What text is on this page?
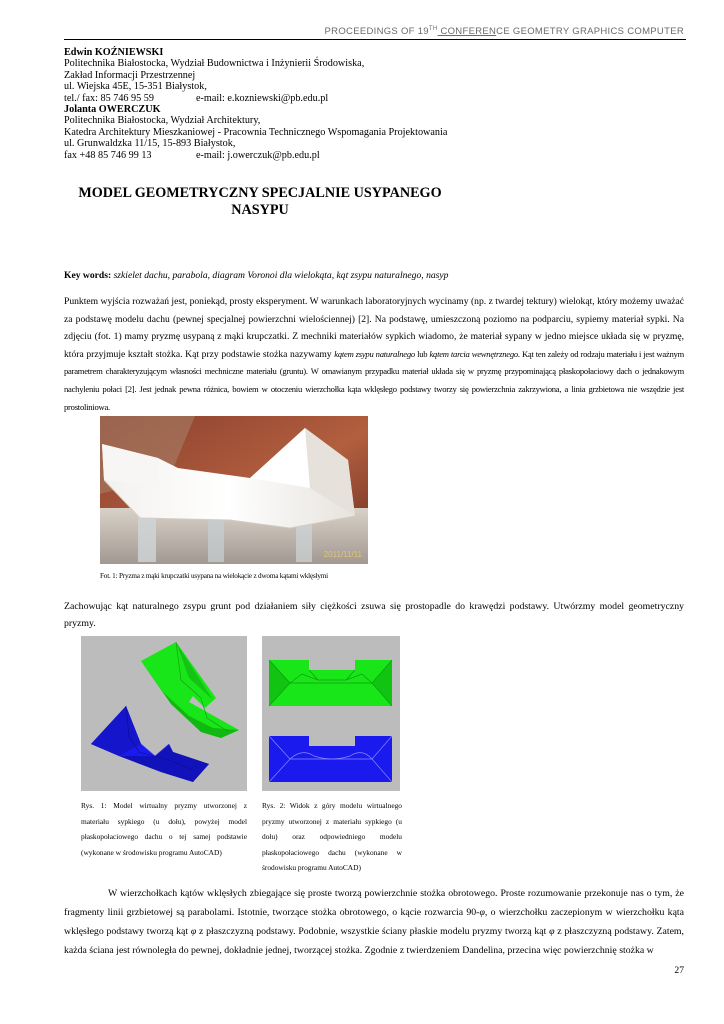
PROCEEDINGS OF 19TH CONFERENCE GEOMETRY GRAPHICS COMPUTER
Edwin KOŹNIEWSKI
Politechnika Białostocka, Wydział Budownictwa i Inżynierii Środowiska,
Zakład Informacji Przestrzennej
ul. Wiejska 45E, 15-351 Białystok,
tel./ fax: 85 746 95 59	e-mail: e.kozniewski@pb.edu.pl
Jolanta OWERCZUK
Politechnika Białostocka, Wydział Architektury,
Katedra Architektury Mieszkaniowej - Pracownia Technicznego Wspomagania Projektowania
ul. Grunwaldzka 11/15, 15-893 Białystok,
fax +48 85 746 99 13	e-mail: j.owerczuk@pb.edu.pl
MODEL GEOMETRYCZNY SPECJALNIE USYPANEGO
NASYPU
Key words: szkielet dachu, parabola, diagram Voronoi dla wielokąta, kąt zsypu naturalnego, nasyp
Punktem wyjścia rozważań jest, poniekąd, prosty eksperyment. W warunkach laboratoryjnych wycinamy (np. z twardej tektury) wielokąt, który możemy uważać za podstawę modelu dachu (pewnej specjalnej powierzchni wielościennej) [2]. Na podstawę, umieszczoną poziomo na podparciu, sypiemy materiał sypki. Na zdjęciu (fot. 1) mamy pryzmę usypaną z mąki krupczatki. Z mechniki materiałów sypkich wiadomo, że materiał sypany w jedno miejsce układa się w pryzmę, która przyjmuje kształt stożka. Kąt przy podstawie stożka nazywamy kątem zsypu naturalnego lub kątem tarcia wewnętrznego. Kąt ten zależy od rodzaju materiału i jest ważnym parametrem charakteryzującym własności mechniczne materiału (gruntu). W omawianym przypadku materiał układa się w pryzmę przypominającą płaskopołaciowy dach o jednakowym nachyleniu połaci [2]. Jest jednak pewna różnica, bowiem w otoczeniu wierzchołka kąta wklęsłego podstawy tworzy się powierzchnia zakrzywiona, a linia grzbietowa nie wszędzie jest prostoliniowa.
2011/11/11
Fot. 1: Pryzma z mąki krupczatki usypana na wielokącie z dwoma kątami wklęsłymi
Zachowując kąt naturalnego zsypu grunt pod działaniem siły ciężkości zsuwa się prostopadle do krawędzi podstawy. Utwórzmy model geometryczny pryzmy.
Rys. 1: Model wirtualny pryzmy utworzonej z materiału sypkiego (u dołu), powyżej model płaskopołaciowego dachu o tej samej podstawie (wykonane w środowisku programu AutoCAD)
Rys. 2: Widok z góry modelu wirtualnego pryzmy utworzonej z materiału sypkiego (u dołu) oraz odpowiedniego modelu płaskopołaciowego dachu (wykonane w środowisku programu AutoCAD)
W wierzchołkach kątów wklęsłych zbiegające się proste tworzą powierzchnie stożka obrotowego. Proste rozumowanie przekonuje nas o tym, że fragmenty linii grzbietowej są parabolami. Istotnie, tworzące stożka obrotowego, o kącie rozwarcia 90-φ, o wierzchołku zaczepionym w wierzchołku kąta wklęsłego podstawy tworzą kąt φ z płaszczyzną podstawy. Podobnie, wszystkie ściany płaskie modelu pryzmy tworzą kąt φ z płaszczyzną podstawy. Zatem, każda ściana jest równoległa do pewnej, dokładnie jednej, tworzącej stożka. Zgodnie z twierdzeniem Dandelina, przecina więc powierzchnię stożka w
27
